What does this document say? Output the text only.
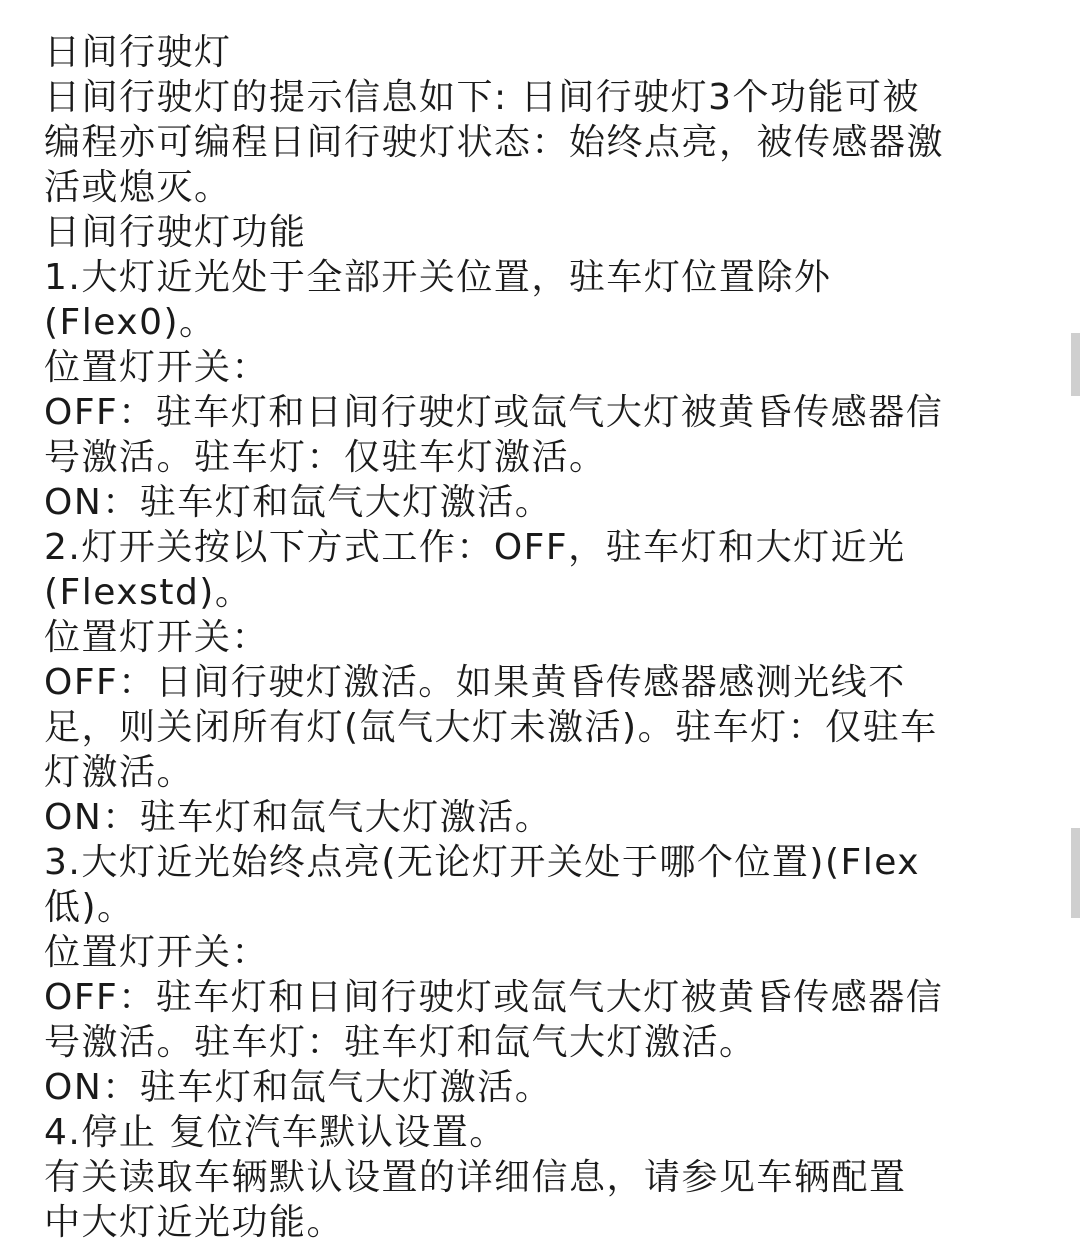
日间行驶灯
日间行驶灯的提示信息如下: 日间行驶灯3个功能可被
编程亦可编程日间行驶灯状态：始终点亮，被传感器激
活或熄灭。
日间行驶灯功能
1.大灯近光处于全部开关位置，驻车灯位置除外
(Flex0)。
位置灯开关：
OFF：驻车灯和日间行驶灯或氙气大灯被黄昏传感器信
号激活。驻车灯：仅驻车灯激活。
ON：驻车灯和氙气大灯激活。
2.灯开关按以下方式工作：OFF，驻车灯和大灯近光
(Flexstd)。
位置灯开关：
OFF：日间行驶灯激活。如果黄昏传感器感测光线不
足，则关闭所有灯(氙气大灯未激活)。驻车灯：仅驻车
灯激活。
ON：驻车灯和氙气大灯激活。
3.大灯近光始终点亮(无论灯开关处于哪个位置)(Flex
低)。
位置灯开关：
OFF：驻车灯和日间行驶灯或氙气大灯被黄昏传感器信
号激活。驻车灯：驻车灯和氙气大灯激活。
ON：驻车灯和氙气大灯激活。
4.停止 复位汽车默认设置。
有关读取车辆默认设置的详细信息，请参见车辆配置
中大灯近光功能。
